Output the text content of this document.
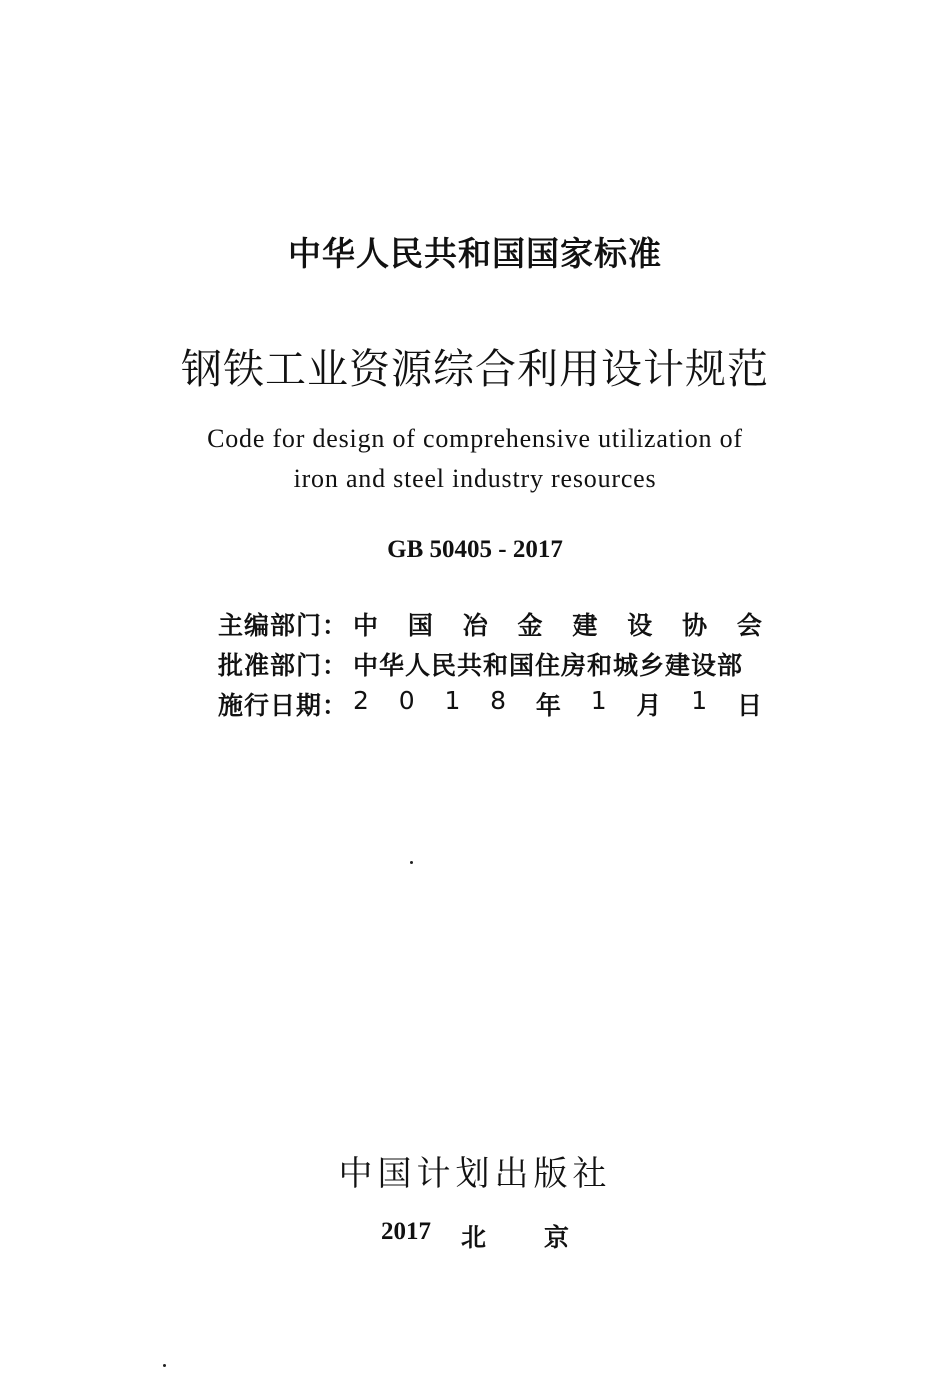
中华人民共和国国家标准
钢铁工业资源综合利用设计规范
Code for design of comprehensive utilization of
iron and steel industry resources
GB 50405 - 2017
主编部门： 中 国 冶 金 建 设 协 会
批准部门： 中华人民共和国住房和城乡建设部
施行日期： 2 0 1 8 年 1 月 1 日
中国计划出版社
2017 北 京
